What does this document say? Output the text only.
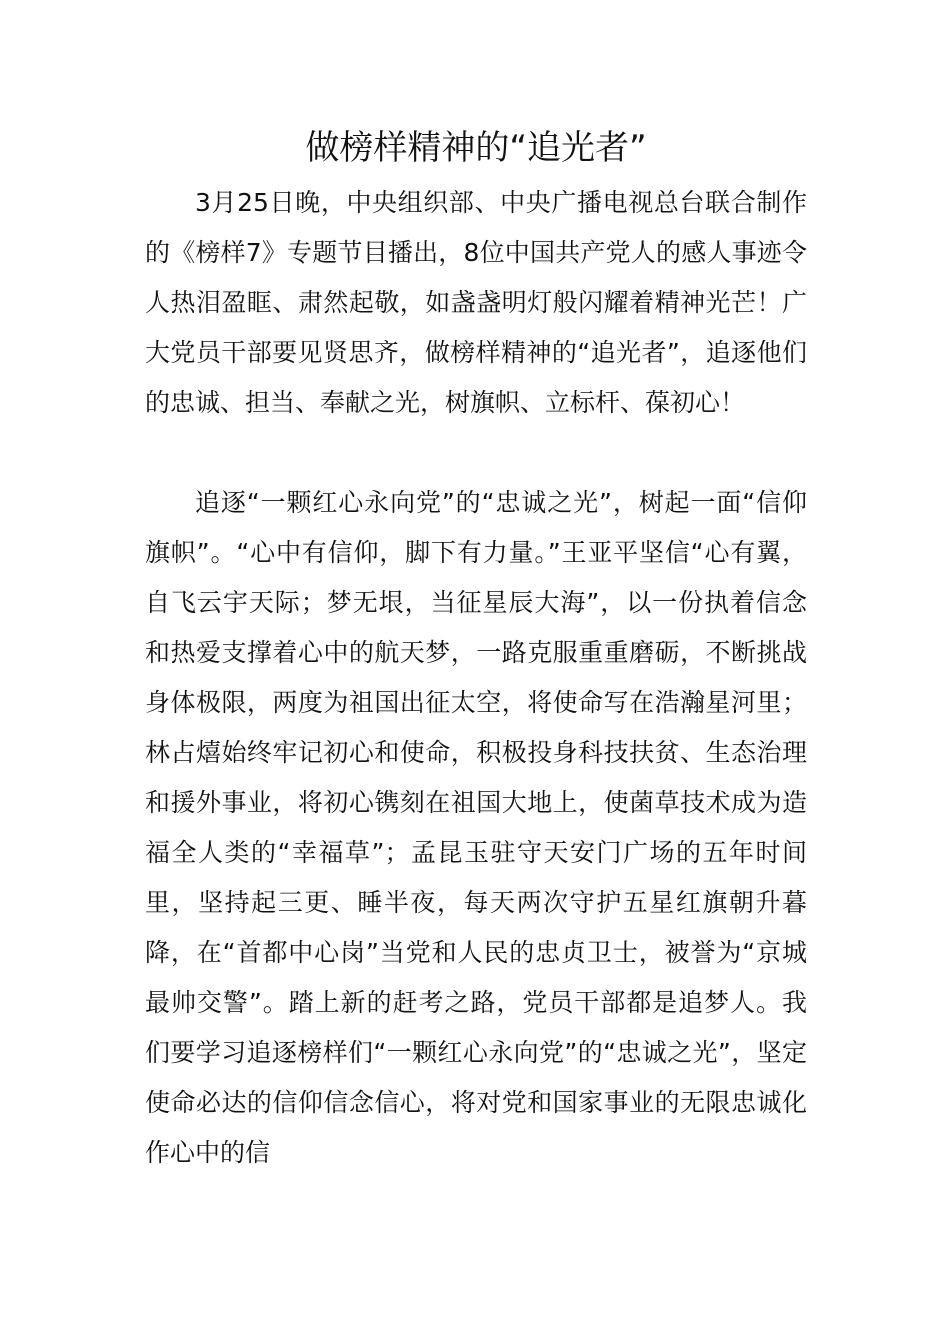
做榜样精神的“追光者”

3月25日晚，中央组织部、中央广播电视总台联合制作的《榜样7》专题节目播出，8位中国共产党人的感人事迹令人热泪盈眶、肃然起敬，如盏盏明灯般闪耀着精神光芒！广大党员干部要见贤思齐，做榜样精神的“追光者”，追逐他们的忠诚、担当、奉献之光，树旗帜、立标杆、葆初心！

追逐“一颗红心永向党”的“忠诚之光”，树起一面“信仰旗帜”。“心中有信仰，脚下有力量。”王亚平坚信“心有翼，自飞云宇天际；梦无垠，当征星辰大海”，以一份执着信念和热爱支撑着心中的航天梦，一路克服重重磨砺，不断挑战身体极限，两度为祖国出征太空，将使命写在浩瀚星河里；林占熺始终牢记初心和使命，积极投身科技扶贫、生态治理和援外事业，将初心镌刻在祖国大地上，使菌草技术成为造福全人类的“幸福草”；孟昆玉驻守天安门广场的五年时间里，坚持起三更、睡半夜，每天两次守护五星红旗朝升暮降，在“首都中心岗”当党和人民的忠贞卫士，被誉为“京城最帅交警”。踏上新的赶考之路，党员干部都是追梦人。我们要学习追逐榜样们“一颗红心永向党”的“忠诚之光”，坚定使命必达的信仰信念信心，将对党和国家事业的无限忠诚化作心中的信
